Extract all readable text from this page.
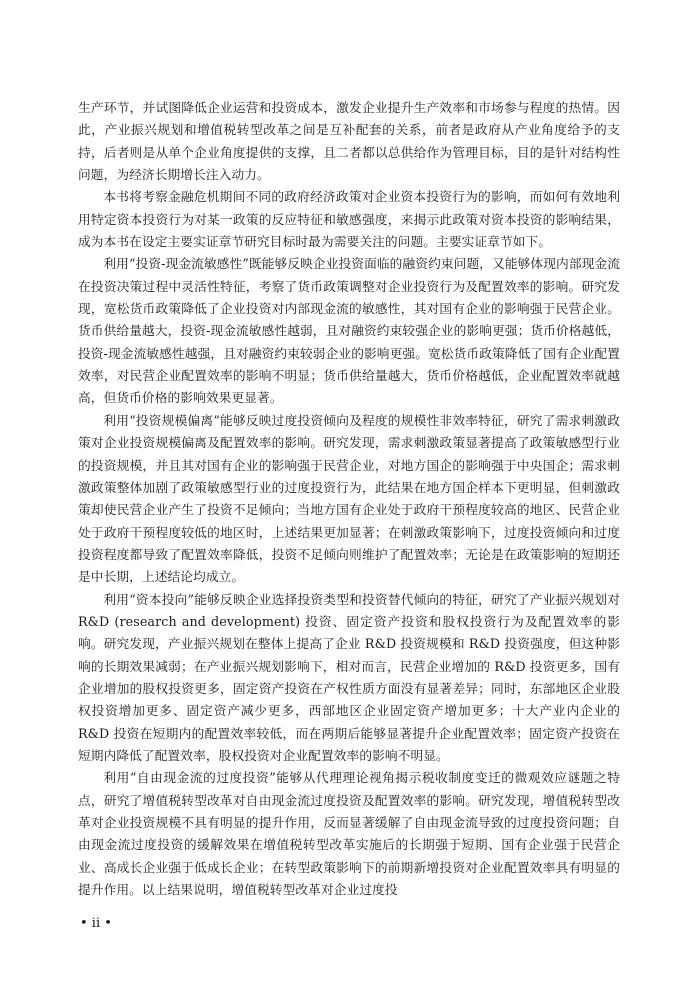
生产环节，并试图降低企业运营和投资成本，激发企业提升生产效率和市场参与程度的热情。因此，产业振兴规划和增值税转型改革之间是互补配套的关系，前者是政府从产业角度给予的支持，后者则是从单个企业角度提供的支撑，且二者都以总供给作为管理目标，目的是针对结构性问题，为经济长期增长注入动力。

本书将考察金融危机期间不同的政府经济政策对企业资本投资行为的影响，而如何有效地利用特定资本投资行为对某一政策的反应特征和敏感强度，来揭示此政策对资本投资的影响结果，成为本书在设定主要实证章节研究目标时最为需要关注的问题。主要实证章节如下。

利用“投资-现金流敏感性”既能够反映企业投资面临的融资约束问题，又能够体现内部现金流在投资决策过程中灵活性特征，考察了货币政策调整对企业投资行为及配置效率的影响。研究发现，宽松货币政策降低了企业投资对内部现金流的敏感性，其对国有企业的影响强于民营企业。货币供给量越大，投资-现金流敏感性越弱，且对融资约束较强企业的影响更强；货币价格越低，投资-现金流敏感性越强，且对融资约束较弱企业的影响更强。宽松货币政策降低了国有企业配置效率，对民营企业配置效率的影响不明显；货币供给量越大，货币价格越低，企业配置效率就越高，但货币价格的影响效果更显著。

利用“投资规模偏离”能够反映过度投资倾向及程度的规模性非效率特征，研究了需求刺激政策对企业投资规模偏离及配置效率的影响。研究发现，需求刺激政策显著提高了政策敏感型行业的投资规模，并且其对国有企业的影响强于民营企业，对地方国企的影响强于中央国企；需求刺激政策整体加剧了政策敏感型行业的过度投资行为，此结果在地方国企样本下更明显，但刺激政策却使民营企业产生了投资不足倾向；当地方国有企业处于政府干预程度较高的地区、民营企业处于政府干预程度较低的地区时，上述结果更加显著；在刺激政策影响下，过度投资倾向和过度投资程度都导致了配置效率降低，投资不足倾向则维护了配置效率；无论是在政策影响的短期还是中长期，上述结论均成立。

利用“资本投向”能够反映企业选择投资类型和投资替代倾向的特征，研究了产业振兴规划对 R&D (research and development) 投资、固定资产投资和股权投资行为及配置效率的影响。研究发现，产业振兴规划在整体上提高了企业 R&D 投资规模和 R&D 投资强度，但这种影响的长期效果减弱；在产业振兴规划影响下，相对而言，民营企业增加的 R&D 投资更多，国有企业增加的股权投资更多，固定资产投资在产权性质方面没有显著差异；同时，东部地区企业股权投资增加更多、固定资产减少更多，西部地区企业固定资产增加更多；十大产业内企业的 R&D 投资在短期内的配置效率较低，而在两期后能够显著提升企业配置效率；固定资产投资在短期内降低了配置效率，股权投资对企业配置效率的影响不明显。

利用“自由现金流的过度投资”能够从代理理论视角揭示税收制度变迁的微观效应谜题之特点，研究了增值税转型改革对自由现金流过度投资及配置效率的影响。研究发现，增值税转型改革对企业投资规模不具有明显的提升作用，反而显著缓解了自由现金流导致的过度投资问题；自由现金流过度投资的缓解效果在增值税转型改革实施后的长期强于短期、国有企业强于民营企业、高成长企业强于低成长企业；在转型政策影响下的前期新增投资对企业配置效率具有明显的提升作用。以上结果说明，增值税转型改革对企业过度投

• ii •
